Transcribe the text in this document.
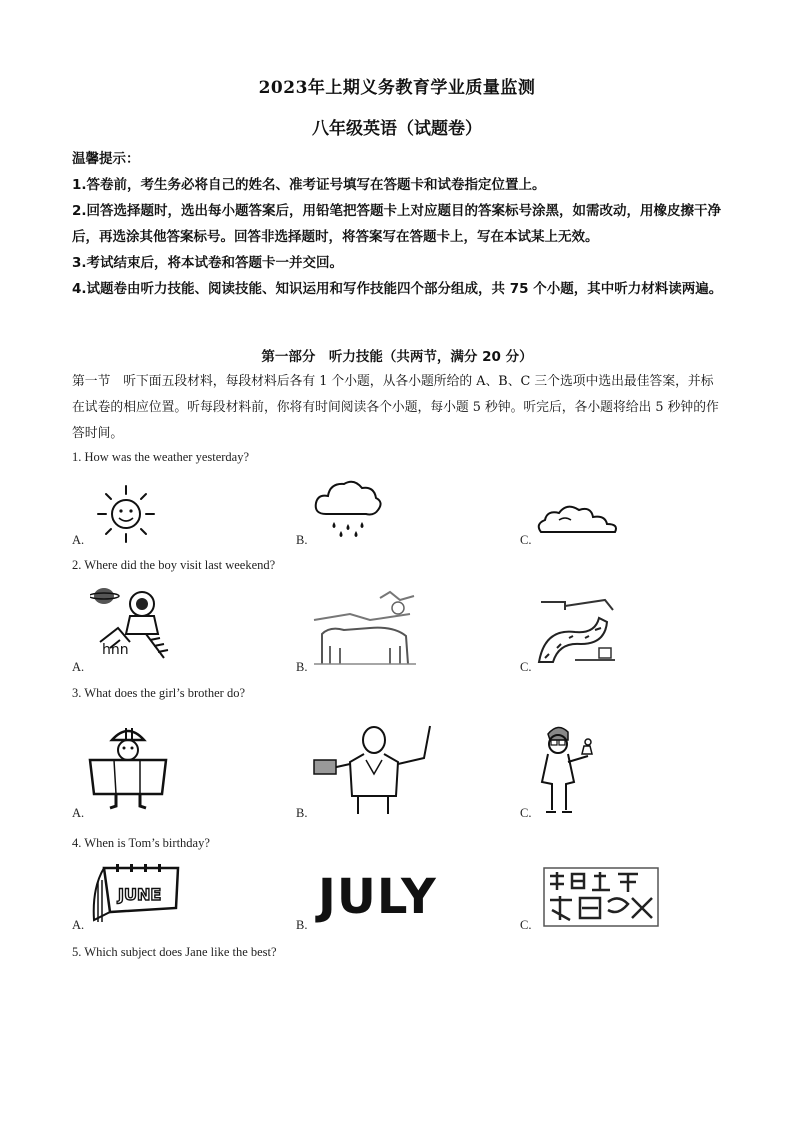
2023年上期义务教育学业质量监测
八年级英语（试题卷）

温馨提示：

1.答卷前，考生务必将自己的姓名、准考证号填写在答题卡和试卷指定位置上。

2.回答选择题时，选出每小题答案后，用铅笔把答题卡上对应题目的答案标号涂黑，如需改动，用橡皮擦干净后，再选涂其他答案标号。回答非选择题时，将答案写在答题卡上，写在本试某上无效。

3.考试结束后，将本试卷和答题卡一并交回。

4.试题卷由听力技能、阅读技能、知识运用和写作技能四个部分组成，共 75 个小题，其中听力材料读两遍。

第一部分　听力技能（共两节，满分 20 分）
第一节　听下面五段材料，每段材料后各有 1 个小题，从各小题所给的 A、B、C 三个选项中选出最佳答案，并标在试卷的相应位置。听每段材料前，你将有时间阅读各个小题，每小题 5 秒钟。听完后，各小题将给出 5 秒钟的作答时间。
1. How was the weather yesterday?
A.	B.	C.
2. Where did the boy visit last weekend?
hnn
A.	B.	C.
3. What does the girl’s brother do?
A.	B.	C.
4. When is Tom’s birthday?
JUNE	JULY
A.	B.	C.
5. Which subject does Jane like the best?
